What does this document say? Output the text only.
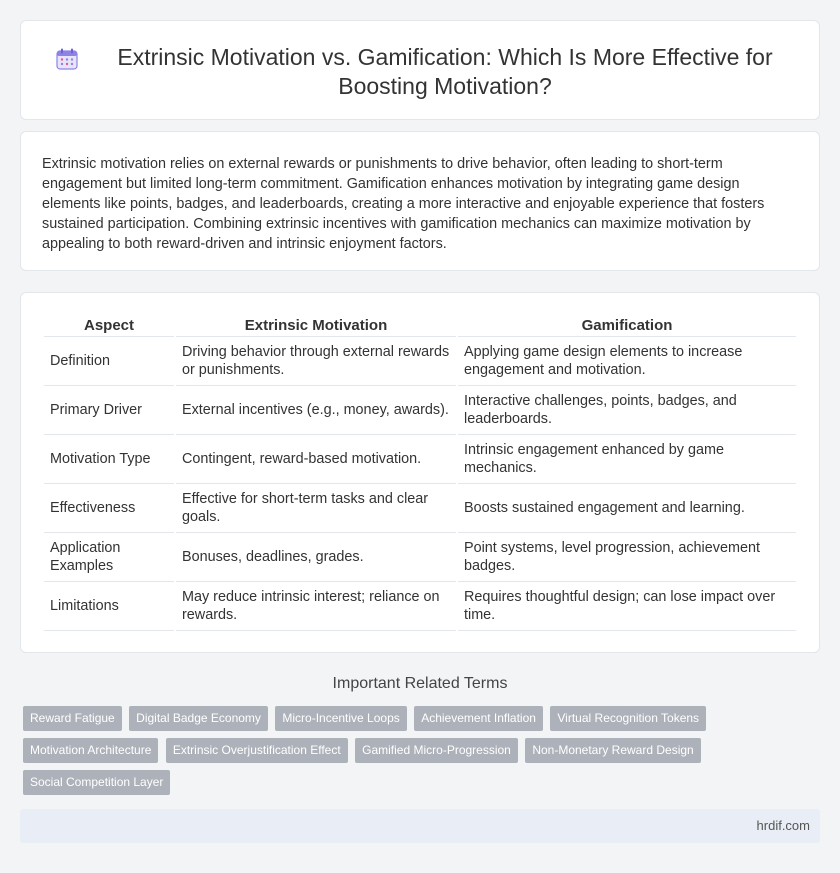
Extrinsic Motivation vs. Gamification: Which Is More Effective for Boosting Motivation?

Extrinsic motivation relies on external rewards or punishments to drive behavior, often leading to short-term engagement but limited long-term commitment. Gamification enhances motivation by integrating game design elements like points, badges, and leaderboards, creating a more interactive and enjoyable experience that fosters sustained participation. Combining extrinsic incentives with gamification mechanics can maximize motivation by appealing to both reward-driven and intrinsic enjoyment factors.

Aspect	Extrinsic Motivation	Gamification
Definition	Driving behavior through external rewards or punishments.	Applying game design elements to increase engagement and motivation.
Primary Driver	External incentives (e.g., money, awards).	Interactive challenges, points, badges, and leaderboards.
Motivation Type	Contingent, reward-based motivation.	Intrinsic engagement enhanced by game mechanics.
Effectiveness	Effective for short-term tasks and clear goals.	Boosts sustained engagement and learning.
Application Examples	Bonuses, deadlines, grades.	Point systems, level progression, achievement badges.
Limitations	May reduce intrinsic interest; reliance on rewards.	Requires thoughtful design; can lose impact over time.
Important Related Terms
Reward Fatigue Digital Badge Economy Micro-Incentive Loops Achievement Inflation Virtual Recognition Tokens
Motivation Architecture Extrinsic Overjustification Effect Gamified Micro-Progression Non-Monetary Reward Design
Social Competition Layer
hrdif.com
